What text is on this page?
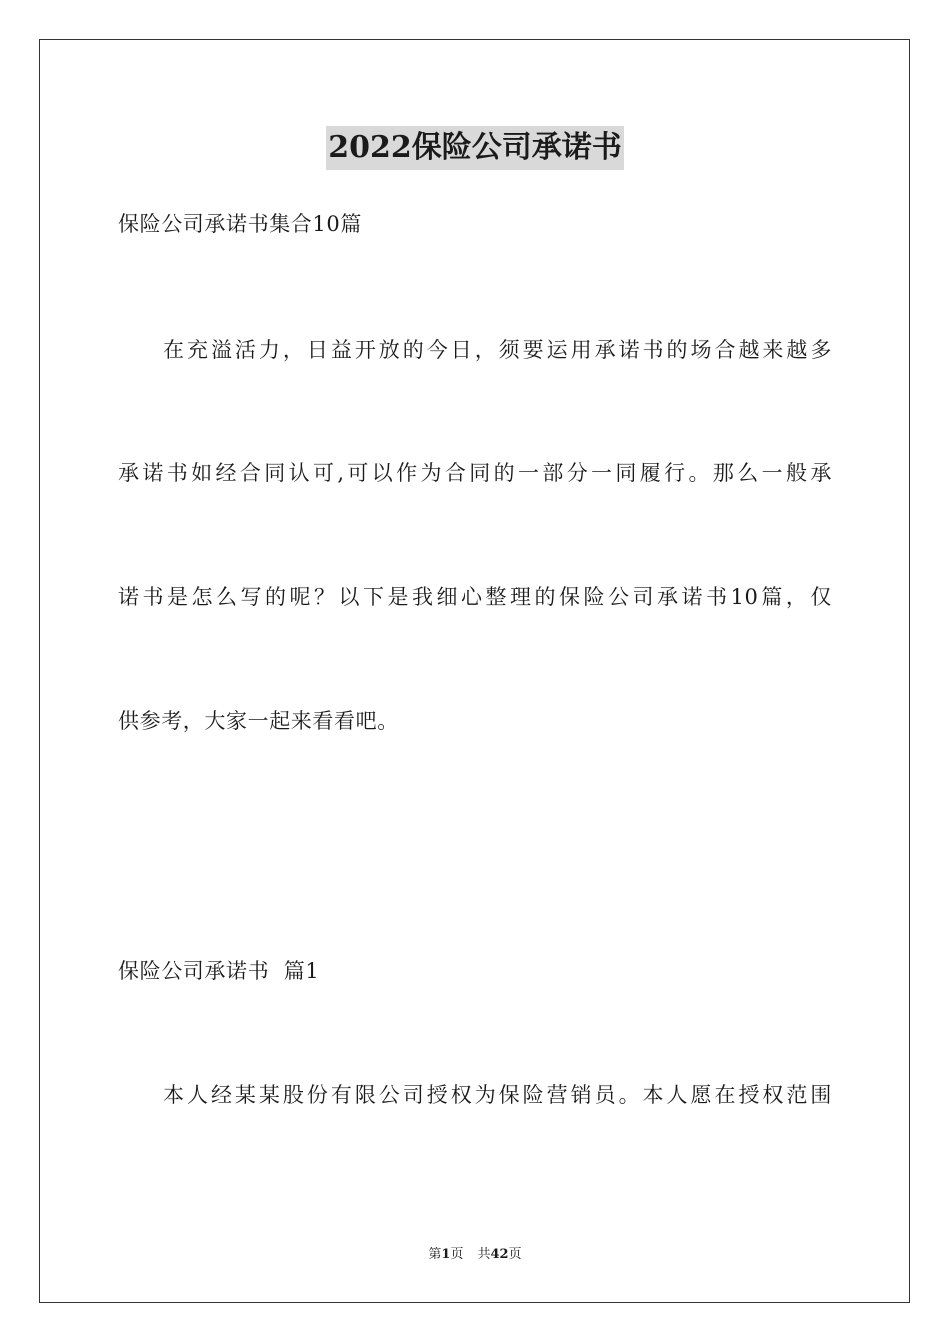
2022保险公司承诺书
保险公司承诺书集合10篇
在充溢活力，日益开放的今日，须要运用承诺书的场合越来越多
承诺书如经合同认可,可以作为合同的一部分一同履行。那么一般承
诺书是怎么写的呢？以下是我细心整理的保险公司承诺书10篇，仅
供参考，大家一起来看看吧。
保险公司承诺书  篇1
本人经某某股份有限公司授权为保险营销员。本人愿在授权范围
第1页 共42页
